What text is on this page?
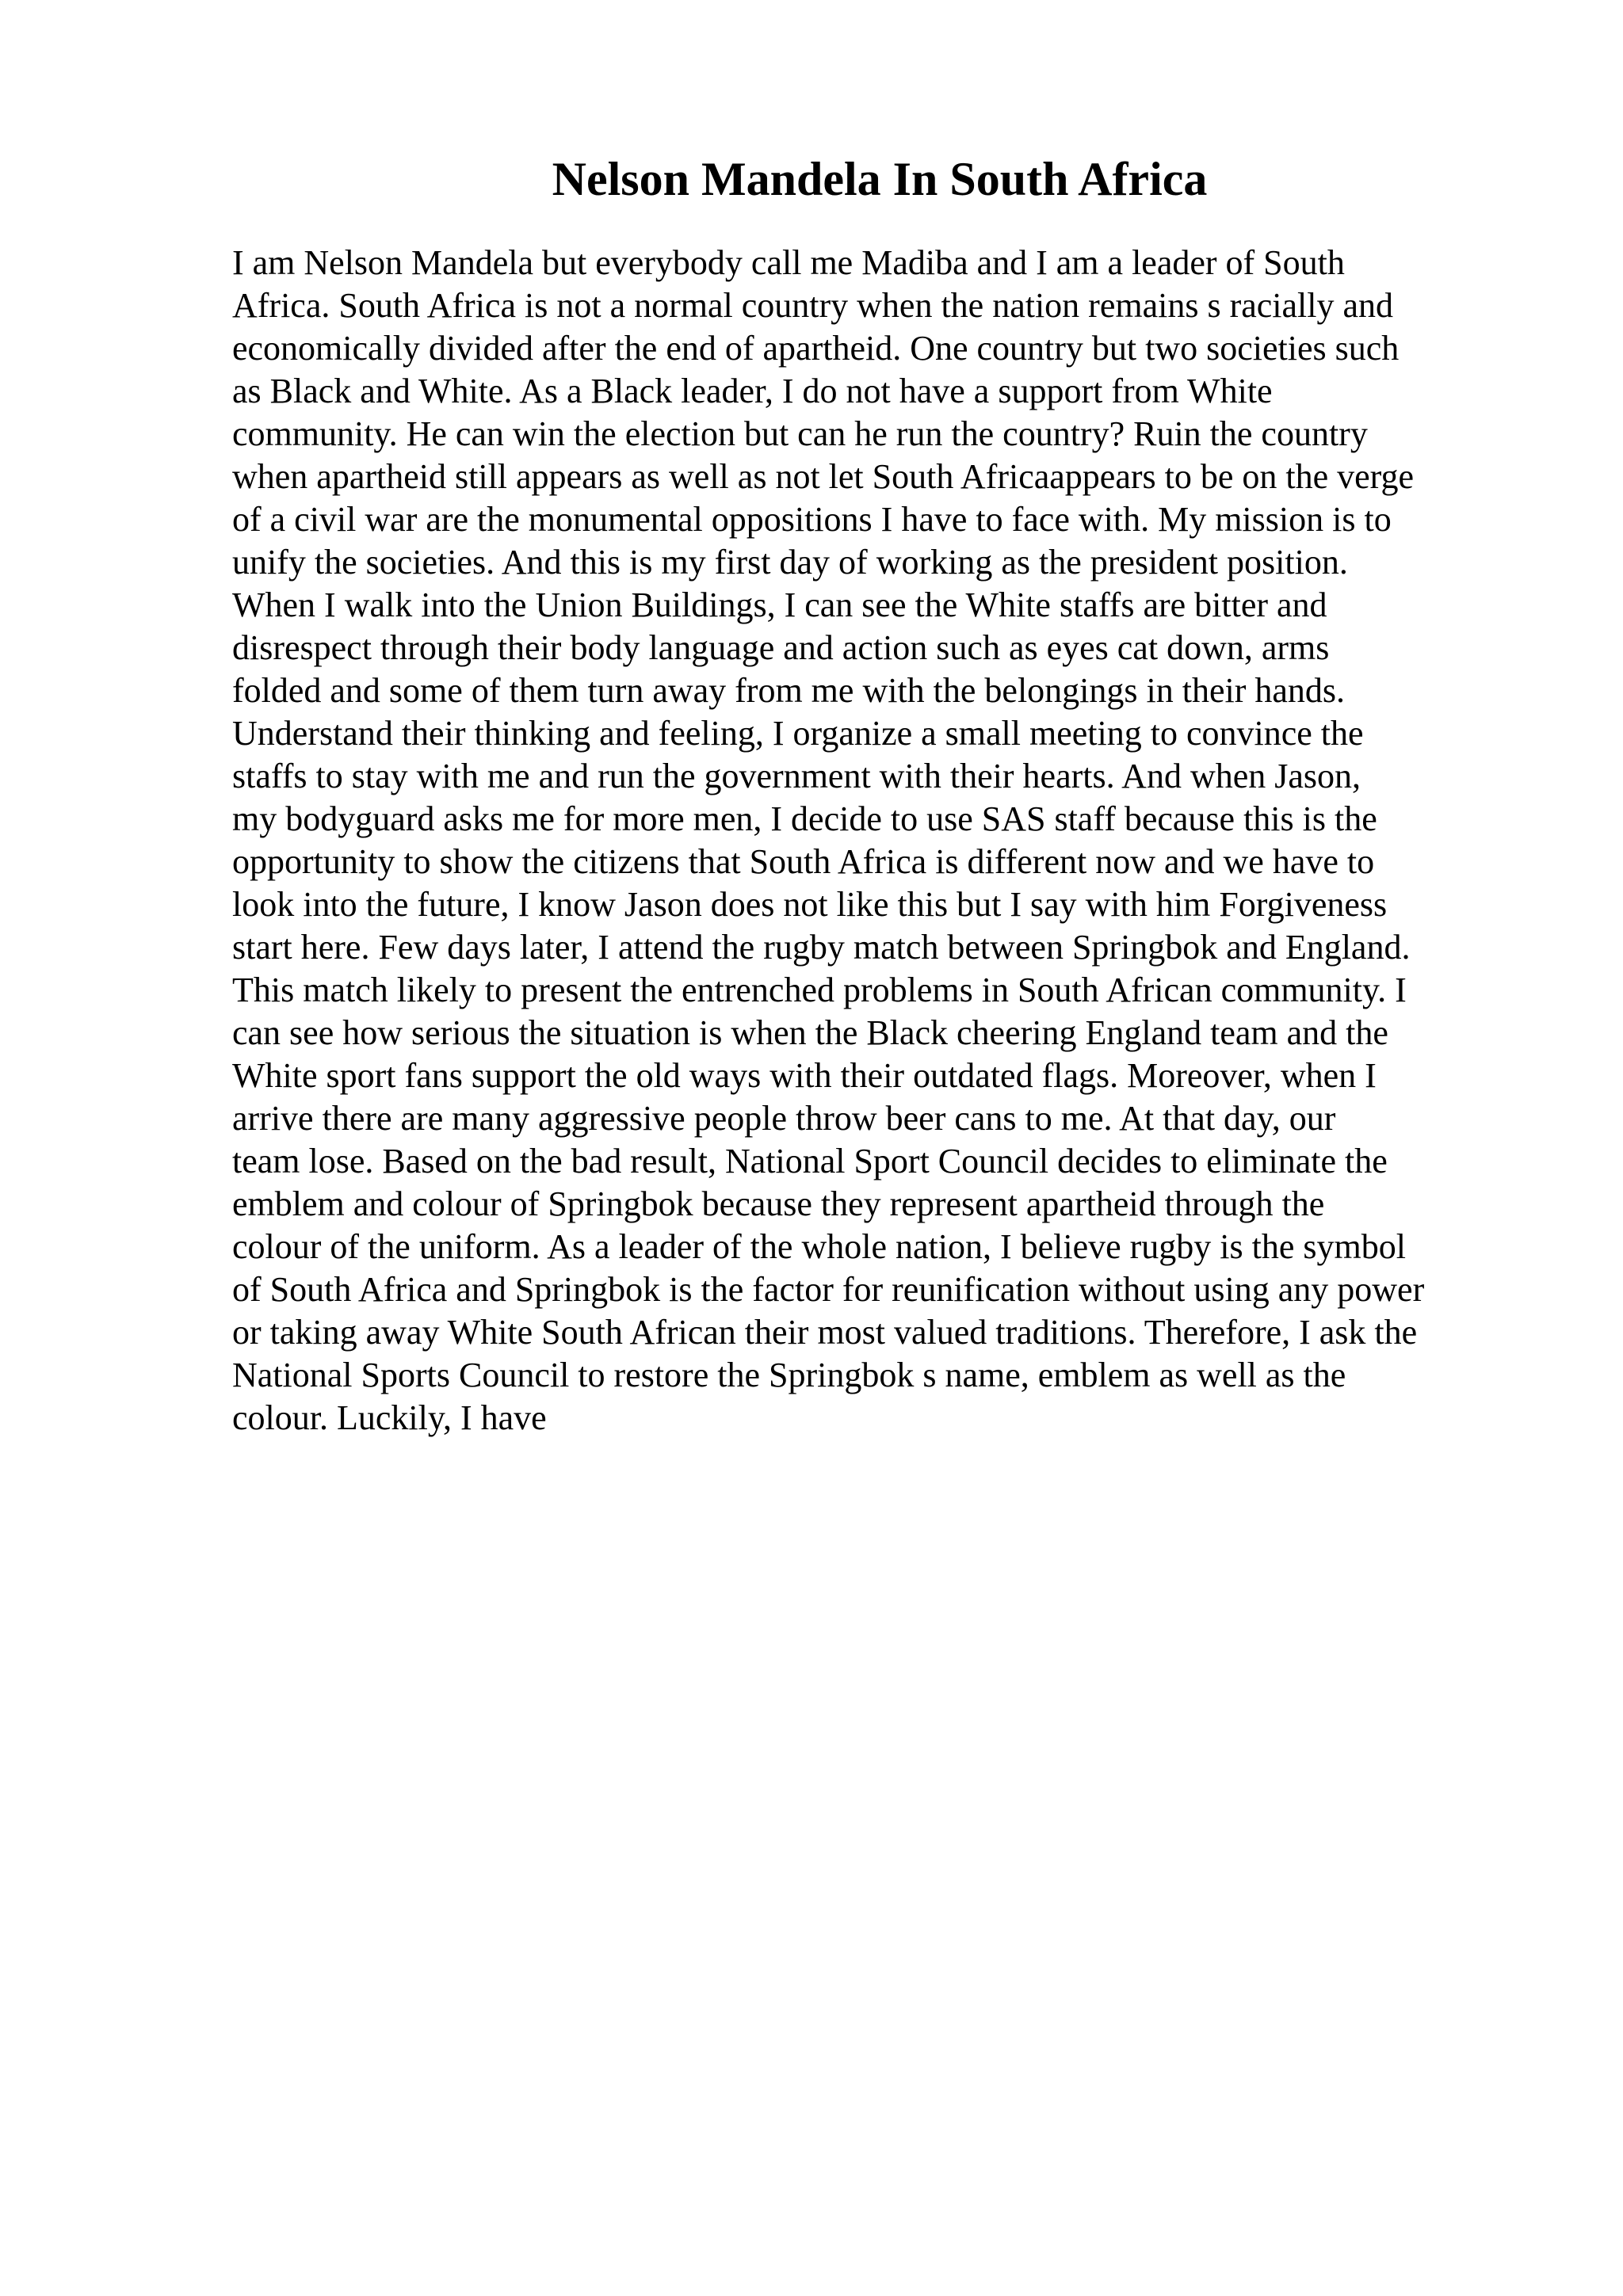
Nelson Mandela In South Africa
I am Nelson Mandela but everybody call me Madiba and I am a leader of South
Africa. South Africa is not a normal country when the nation remains s racially and
economically divided after the end of apartheid. One country but two societies such
as Black and White. As a Black leader, I do not have a support from White
community. He can win the election but can he run the country? Ruin the country
when apartheid still appears as well as not let South Africaappears to be on the verge
of a civil war are the monumental oppositions I have to face with. My mission is to
unify the societies. And this is my first day of working as the president position.
When I walk into the Union Buildings, I can see the White staffs are bitter and
disrespect through their body language and action such as eyes cat down, arms
folded and some of them turn away from me with the belongings in their hands.
Understand their thinking and feeling, I organize a small meeting to convince the
staffs to stay with me and run the government with their hearts. And when Jason,
my bodyguard asks me for more men, I decide to use SAS staff because this is the
opportunity to show the citizens that South Africa is different now and we have to
look into the future, I know Jason does not like this but I say with him Forgiveness
start here. Few days later, I attend the rugby match between Springbok and England.
This match likely to present the entrenched problems in South African community. I
can see how serious the situation is when the Black cheering England team and the
White sport fans support the old ways with their outdated flags. Moreover, when I
arrive there are many aggressive people throw beer cans to me. At that day, our
team lose. Based on the bad result, National Sport Council decides to eliminate the
emblem and colour of Springbok because they represent apartheid through the
colour of the uniform. As a leader of the whole nation, I believe rugby is the symbol
of South Africa and Springbok is the factor for reunification without using any power
or taking away White South African their most valued traditions. Therefore, I ask the
National Sports Council to restore the Springbok s name, emblem as well as the
colour. Luckily, I have
